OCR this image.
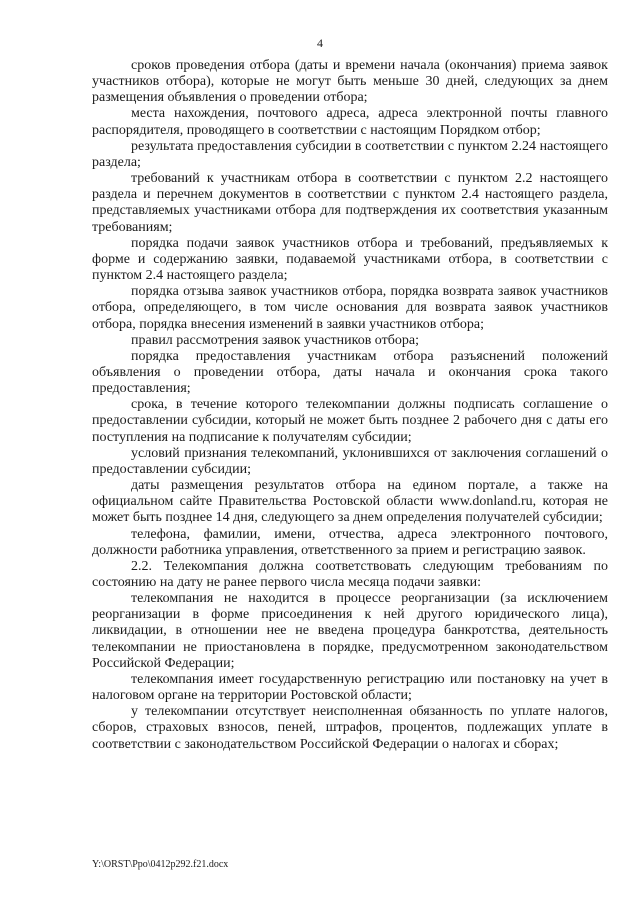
4

сроков проведения отбора (даты и времени начала (окончания) приема заявок участников отбора), которые не могут быть меньше 30 дней, следующих за днем размещения объявления о проведении отбора;

места нахождения, почтового адреса, адреса электронной почты главного распорядителя, проводящего в соответствии с настоящим Порядком отбор;

результата предоставления субсидии в соответствии с пунктом 2.24 настоящего раздела;

требований к участникам отбора в соответствии с пунктом 2.2 настоящего раздела и перечнем документов в соответствии с пунктом 2.4 настоящего раздела, представляемых участниками отбора для подтверждения их соответствия указанным требованиям;

порядка подачи заявок участников отбора и требований, предъявляемых к форме и содержанию заявки, подаваемой участниками отбора, в соответствии с пунктом 2.4 настоящего раздела;

порядка отзыва заявок участников отбора, порядка возврата заявок участников отбора, определяющего, в том числе основания для возврата заявок участников отбора, порядка внесения изменений в заявки участников отбора;

правил рассмотрения заявок участников отбора;

порядка предоставления участникам отбора разъяснений положений объявления о проведении отбора, даты начала и окончания срока такого предоставления;

срока, в течение которого телекомпании должны подписать соглашение о предоставлении субсидии, который не может быть позднее 2 рабочего дня с даты его поступления на подписание к получателям субсидии;

условий признания телекомпаний, уклонившихся от заключения соглашений о предоставлении субсидии;

даты размещения результатов отбора на едином портале, а также на официальном сайте Правительства Ростовской области www.donland.ru, которая не может быть позднее 14 дня, следующего за днем определения получателей субсидии;

телефона, фамилии, имени, отчества, адреса электронного почтового, должности работника управления, ответственного за прием и регистрацию заявок.

2.2. Телекомпания должна соответствовать следующим требованиям по состоянию на дату не ранее первого числа месяца подачи заявки:

телекомпания не находится в процессе реорганизации (за исключением реорганизации в форме присоединения к ней другого юридического лица), ликвидации, в отношении нее не введена процедура банкротства, деятельность телекомпании не приостановлена в порядке, предусмотренном законодательством Российской Федерации;

телекомпания имеет государственную регистрацию или постановку на учет в налоговом органе на территории Ростовской области;

у телекомпании отсутствует неисполненная обязанность по уплате налогов, сборов, страховых взносов, пеней, штрафов, процентов, подлежащих уплате в соответствии с законодательством Российской Федерации о налогах и сборах;

Y:\ORST\Ppo\0412p292.f21.docx
